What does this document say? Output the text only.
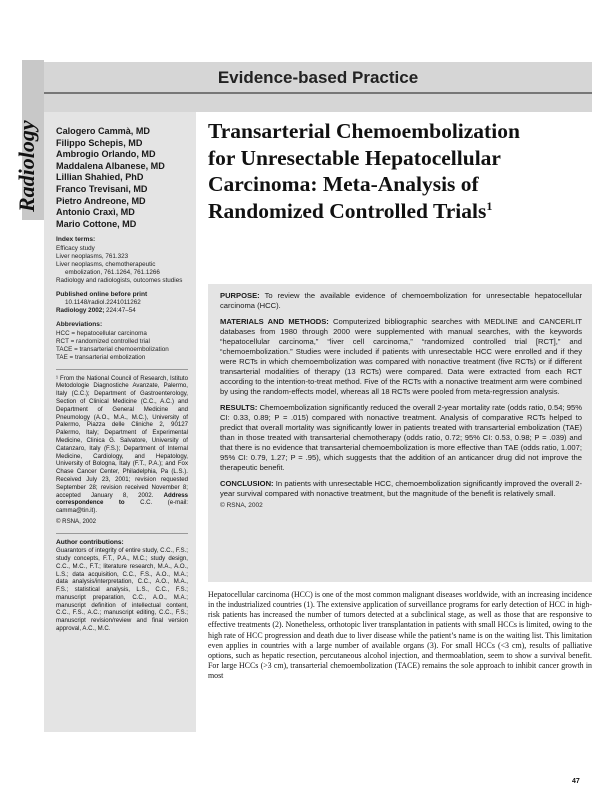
Radiology
Evidence-based Practice
Calogero Cammà, MD
Filippo Schepis, MD
Ambrogio Orlando, MD
Maddalena Albanese, MD
Lillian Shahied, PhD
Franco Trevisani, MD
Pietro Andreone, MD
Antonio Craxì, MD
Mario Cottone, MD
Index terms:
Efficacy study
Liver neoplasms, 761.323
Liver neoplasms, chemotherapeutic embolization, 761.1264, 761.1266
Radiology and radiologists, outcomes studies
Published online before print
10.1148/radiol.2241011262
Radiology 2002; 224:47–54
Abbreviations:
HCC = hepatocellular carcinoma
RCT = randomized controlled trial
TACE = transarterial chemoembolization
TAE = transarterial embolization
¹ From the National Council of Research, Istituto Metodologie Diagnostiche Avanzate, Palermo, Italy (C.C.); Department of Gastroenterology, Section of Clinical Medicine (C.C., A.C.) and Department of General Medicine and Pneumology (A.O., M.A., M.C.), University of Palermo, Piazza delle Cliniche 2, 90127 Palermo, Italy; Department of Experimental Medicine, Clinica G. Salvatore, University of Catanzaro, Italy (F.S.); Department of Internal Medicine, Cardiology, and Hepatology, University of Bologna, Italy (F.T., P.A.); and Fox Chase Cancer Center, Philadelphia, Pa (L.S.). Received July 23, 2001; revision requested September 28; revision received November 8; accepted January 8, 2002. Address correspondence to	C.C. (e-mail: camma@tin.it).
© RSNA, 2002
Author contributions:
Guarantors of integrity of entire study, C.C., F.S.; study concepts, F.T., P.A., M.C.; study design, C.C., M.C., F.T.; literature research, M.A., A.O., L.S.; data acquisition, C.C., F.S., A.O., M.A.; data analysis/interpretation, C.C., A.O., M.A., F.S.; statistical analysis, L.S., C.C., F.S.; manuscript preparation, C.C., A.O., M.A.; manuscript definition of intellectual content, C.C., F.S., A.C.; manuscript editing, C.C., F.S.; manuscript revision/review and final version approval, A.C., M.C.
Transarterial Chemoembolization for Unresectable Hepatocellular Carcinoma: Meta-Analysis of Randomized Controlled Trials$^1$

PURPOSE: To review the available evidence of chemoembolization for unresectable hepatocellular carcinoma (HCC).

MATERIALS AND METHODS: Computerized bibliographic searches with MEDLINE and CANCERLIT databases from 1980 through 2000 were supplemented with manual searches, with the keywords “hepatocellular carcinoma,” “liver cell carcinoma,” “randomized controlled trial [RCT],” and “chemoembolization.” Studies were included if patients with unresectable HCC were enrolled and if they were RCTs in which chemoembolization was compared with nonactive treatment (five RCTs) or if different transarterial modalities of therapy (13 RCTs) were compared. Data were extracted from each RCT according to the intention-to-treat method. Five of the RCTs with a nonactive treatment arm were combined by using the random-effects model, whereas all 18 RCTs were pooled from meta-regression analysis.

RESULTS: Chemoembolization significantly reduced the overall 2-year mortality rate (odds ratio, 0.54; 95% CI: 0.33, 0.89; P = .015) compared with nonactive treatment. Analysis of comparative RCTs helped to predict that overall mortality was significantly lower in patients treated with transarterial embolization (TAE) than in those treated with transarterial chemotherapy (odds ratio, 0.72; 95% CI: 0.53, 0.98; P = .039) and that there is no evidence that transarterial chemoembolization is more effective than TAE (odds ratio, 1.007; 95% CI: 0.79, 1.27; P = .95), which suggests that the addition of an anticancer drug did not improve the therapeutic benefit.

CONCLUSION: In patients with unresectable HCC, chemoembolization significantly improved the overall 2-year survival compared with nonactive treatment, but the magnitude of the benefit is relatively small.

© RSNA, 2002

Hepatocellular carcinoma (HCC) is one of the most common malignant diseases worldwide, with an increasing incidence in the industrialized countries (1). The extensive application of surveillance programs for early detection of HCC in high-risk patients has increased the number of tumors detected at a subclinical stage, as well as those that are responsive to effective treatments (2). Nonetheless, orthotopic liver transplantation in patients with small HCCs is limited, owing to the high rate of HCC progression and death due to liver disease while the patient’s name is on the waiting list. This limitation even applies in countries with a large number of available organs (3). For small HCCs (<3 cm), results of palliative options, such as hepatic resection, percutaneous alcohol injection, and thermoablation, seem to show a survival benefit. For large HCCs (>3 cm), transarterial chemoembolization (TACE) remains the sole approach to inhibit cancer growth in most

47
